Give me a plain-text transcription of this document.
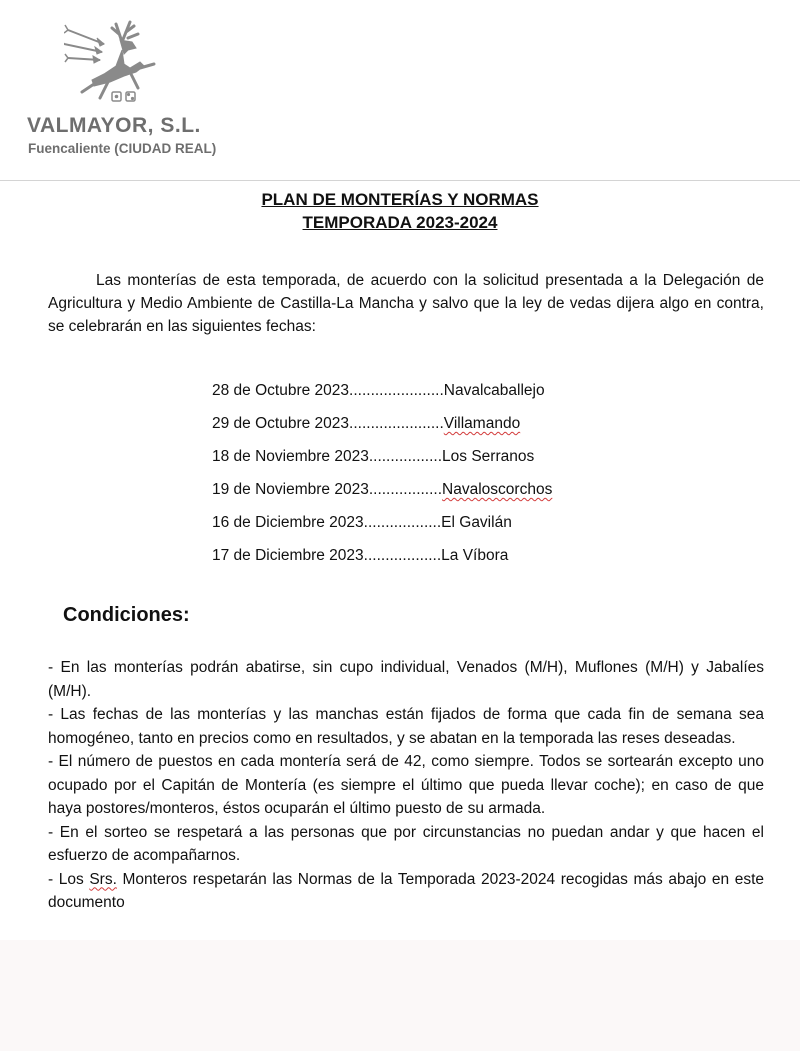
VALMAYOR, S.L.
Fuencaliente (CIUDAD REAL)
PLAN DE MONTERÍAS Y NORMAS
TEMPORADA 2023-2024

Las monterías de esta temporada, de acuerdo con la solicitud presentada a la Delegación de Agricultura y Medio Ambiente de Castilla-La Mancha y salvo que la ley de vedas dijera algo en contra, se celebrarán en las siguientes fechas:

28 de Octubre 2023......................Navalcaballejo
29 de Octubre 2023......................Villamando
18 de Noviembre 2023.................Los Serranos
19 de Noviembre 2023.................Navaloscorchos
16 de Diciembre 2023..................El Gavilán
17 de Diciembre 2023..................La Víbora
Condiciones:

- En las monterías podrán abatirse, sin cupo individual, Venados (M/H), Muflones (M/H) y Jabalíes (M/H).

- Las fechas de las monterías y las manchas están fijados de forma que cada fin de semana sea homogéneo, tanto en precios como en resultados, y se abatan en la temporada las reses deseadas.

- El número de puestos en cada montería será de 42, como siempre. Todos se sortearán excepto uno ocupado por el Capitán de Montería (es siempre el último que pueda llevar coche); en caso de que haya postores/monteros, éstos ocuparán el último puesto de su armada.

- En el sorteo se respetará a las personas que por circunstancias no puedan andar y que hacen el esfuerzo de acompañarnos.

- Los Srs. Monteros respetarán las Normas de la Temporada 2023-2024 recogidas más abajo en este documento
